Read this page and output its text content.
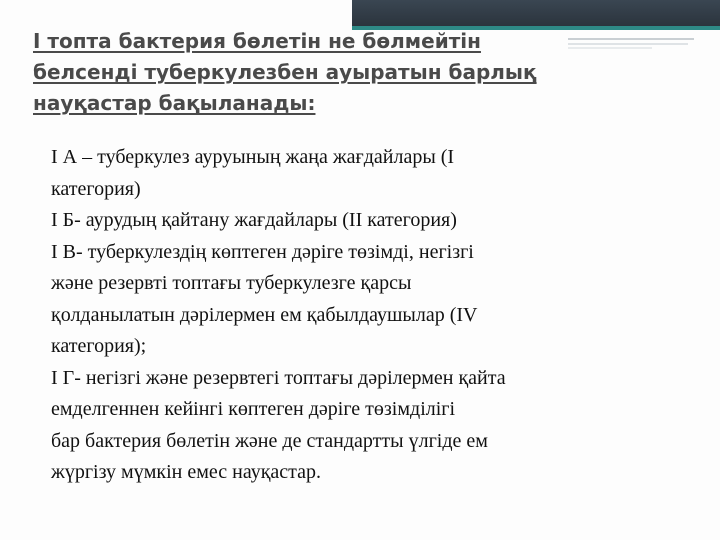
I топта бактерия бөлетін не бөлмейтін
белсенді туберкулезбен ауыратын барлық
науқастар бақыланады:

I А – туберкулез ауруының жаңа жағдайлары (I
категория)

I Б- аурудың қайтану жағдайлары (II категория)

I В- туберкулездің көптеген дәріге төзімді, негізгі
және резервті топтағы туберкулезге қарсы
қолданылатын дәрілермен ем қабылдаушылар (IV
категория);

I Г- негізгі және резервтегі топтағы дәрілермен қайта
емделгеннен кейінгі көптеген дәріге төзімділігі
бар бактерия бөлетін және де стандартты үлгіде ем
жүргізу мүмкін емес науқастар.
